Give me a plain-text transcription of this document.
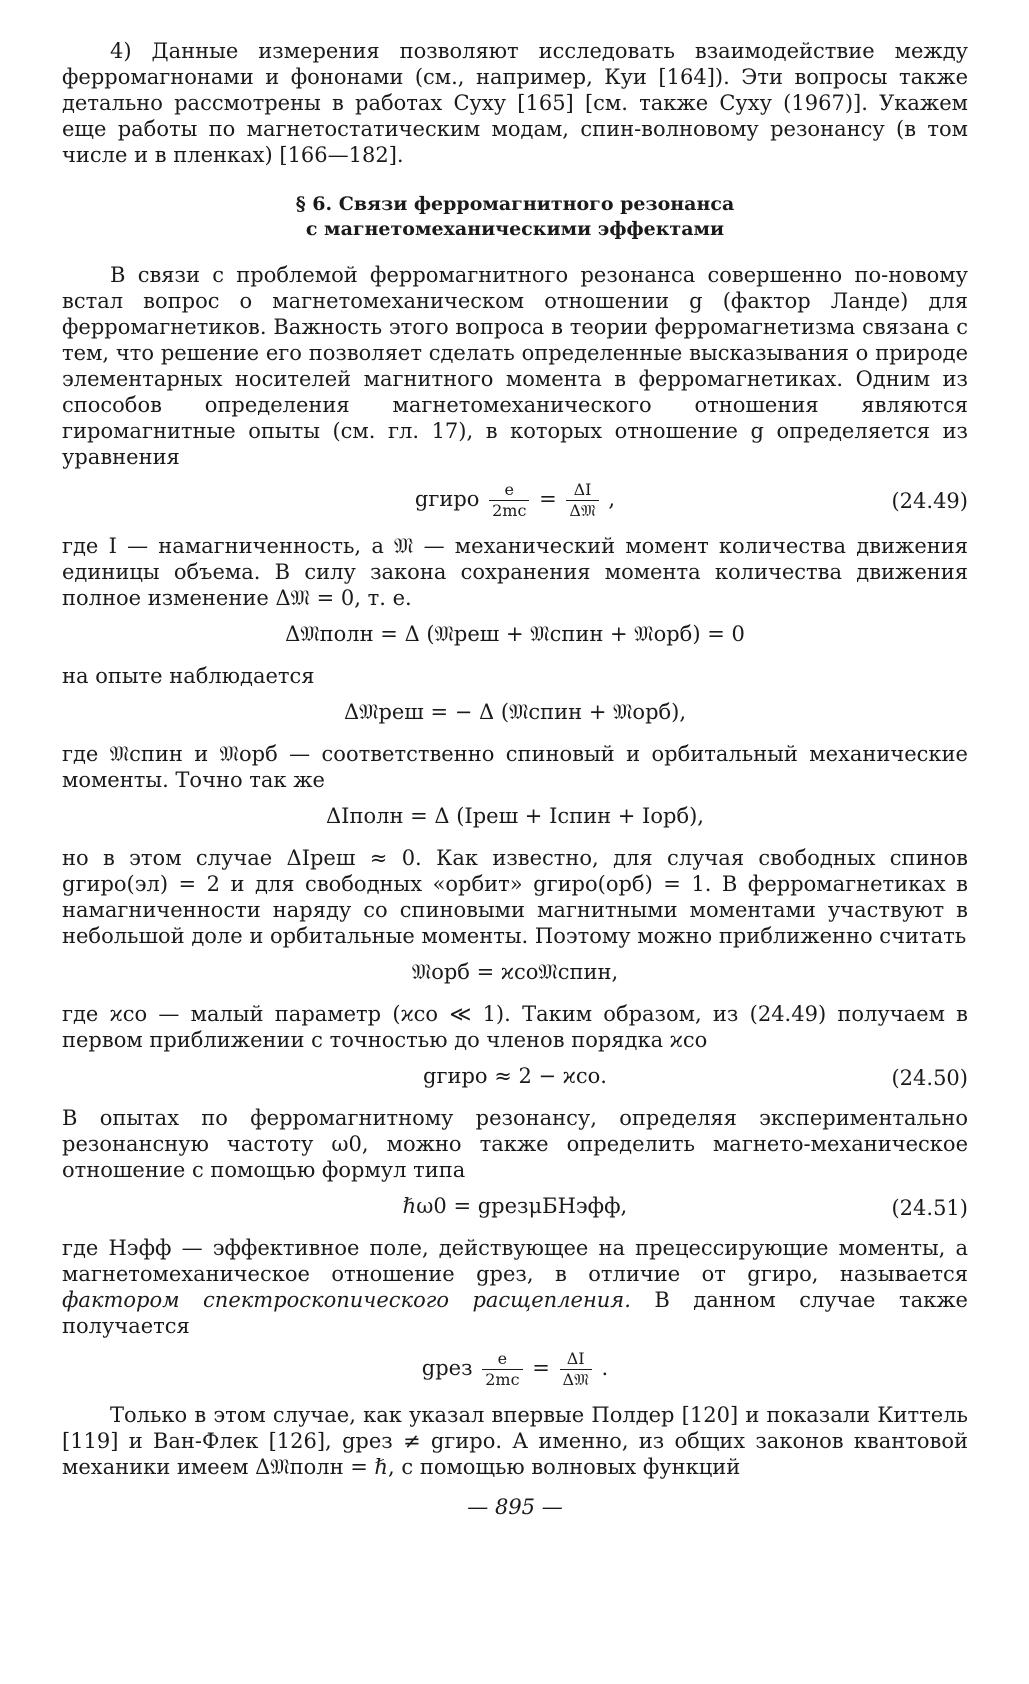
4) Данные измерения позволяют исследовать взаимодействие между ферромагнонами и фононами (см., например, Куи [164]). Эти вопросы также детально рассмотрены в работах Суху [165] [см. также Суху (1967)]. Укажем еще работы по магнетостатическим модам, спин-волновому резонансу (в том числе и в пленках) [166—182].

§ 6. Связи ферромагнитного резонанса
с магнетомеханическими эффектами

В связи с проблемой ферромагнитного резонанса совершенно по-новому встал вопрос о магнетомеханическом отношении g (фактор Ланде) для ферромагнетиков. Важность этого вопроса в теории ферромагнетизма связана с тем, что решение его позволяет сделать определенные высказывания о природе элементарных носителей магнитного момента в ферромагнетиках. Одним из способов определения магнетомеханического отношения являются гиромагнитные опыты (см. гл. 17), в которых отношение g определяется из уравнения

gгиро $\frac{e}{2mc} = \frac{\Delta I}{\text{Δ𝔐}}$ ,	(24.49)

где I — намагниченность, а 𝔐 — механический момент количества движения единицы объема. В силу закона сохранения момента количества движения полное изменение Δ𝔐 = 0, т. е.

Δ𝔐полн = Δ (𝔐реш + 𝔐спин + 𝔐орб) = 0

на опыте наблюдается

Δ𝔐реш = − Δ (𝔐спин + 𝔐орб),

где 𝔐спин и 𝔐орб — соответственно спиновый и орбитальный механические моменты. Точно так же

ΔIполн = Δ (Iреш + Iспин + Iорб),

но в этом случае ΔIреш ≈ 0. Как известно, для случая свободных спинов gгиро(эл) = 2 и для свободных «орбит» gгиро(орб) = 1. В ферромагнетиках в намагниченности наряду со спиновыми магнитными моментами участвуют в небольшой доле и орбитальные моменты. Поэтому можно приближенно считать

𝔐орб = ϰсо𝔐спин,

где ϰсо — малый параметр (ϰсо ≪ 1). Таким образом, из (24.49) получаем в первом приближении с точностью до членов порядка ϰсо

gгиро ≈ 2 − ϰсо.	(24.50)

В опытах по ферромагнитному резонансу, определяя экспериментально резонансную частоту ω0, можно также определить магнето-механическое отношение с помощью формул типа

ℏω0 = gрезμБHэфф,	(24.51)

где Hэфф — эффективное поле, действующее на прецессирующие моменты, а магнетомеханическое отношение gрез, в отличие от gгиро, называется фактором спектроскопического расщепления. В данном случае также получается

gрез $\frac{e}{2mc} = \frac{\Delta I}{\text{Δ𝔐}}$ .

Только в этом случае, как указал впервые Полдер [120] и показали Киттель [119] и Ван-Флек [126], gрез ≠ gгиро. А именно, из общих законов квантовой механики имеем Δ𝔐полн = ℏ, с помощью волновых функций

— 895 —
